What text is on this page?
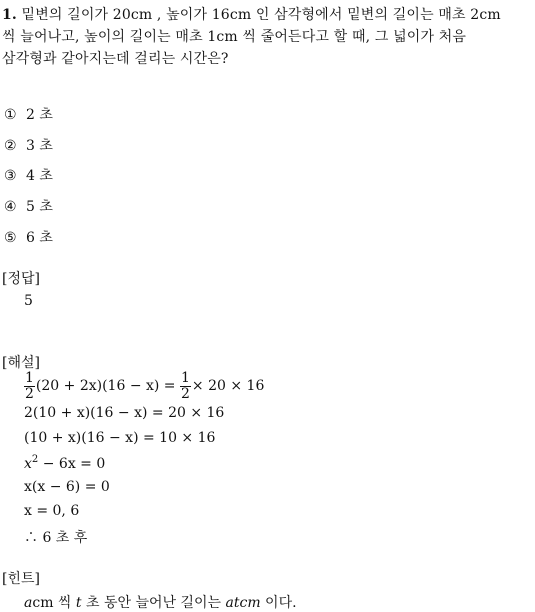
1. 밑변의 길이가 20cm , 높이가 16cm 인 삼각형에서 밑변의 길이는 매초 2cm
씩 늘어나고, 높이의 길이는 매초 1cm 씩 줄어든다고 할 때, 그 넓이가 처음
삼각형과 같아지는데 걸리는 시간은?
① 2 초
② 3 초
③ 4 초
④ 5 초
⑤ 6 초
[정답]
5
[해설]
$\frac{1}{2} (20 + 2x)(16 - x) = \frac{1}{2} \times 20 \times 16$
2(10 + x)(16 − x) = 20 × 16
(10 + x)(16 − x) = 10 × 16
$x^2 - 6x = 0$
x(x − 6) = 0
x = 0, 6
∴ 6 초 후
[힌트]
acm 씩 t 초 동안 늘어난 길이는 atcm 이다.
